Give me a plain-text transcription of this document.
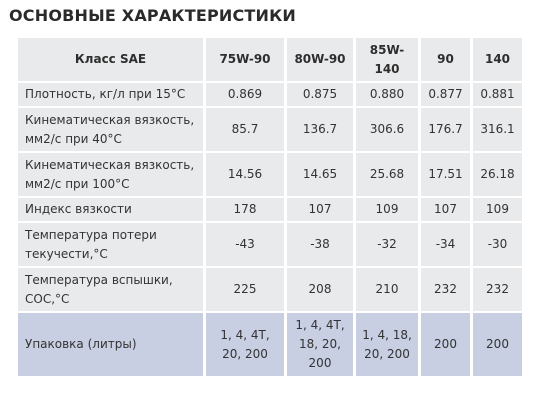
ОСНОВНЫЕ ХАРАКТЕРИСТИКИ
Класс SAE	75W-90	80W-90	85W-140	90	140
Плотность, кг/л при 15°С	0.869	0.875	0.880	0.877	0.881
Кинематическая вязкость, мм2/с при 40°С	85.7	136.7	306.6	176.7	316.1
Кинематическая вязкость, мм2/с при 100°С	14.56	14.65	25.68	17.51	26.18
Индекс вязкости	178	107	109	107	109
Температура потери текучести,°С	-43	-38	-32	-34	-30
Температура вспышки, СОС,°С	225	208	210	232	232
Упаковка (литры)	1, 4, 4Т, 20, 200	1, 4, 4Т, 18, 20, 200	1, 4, 18, 20, 200	200	200
